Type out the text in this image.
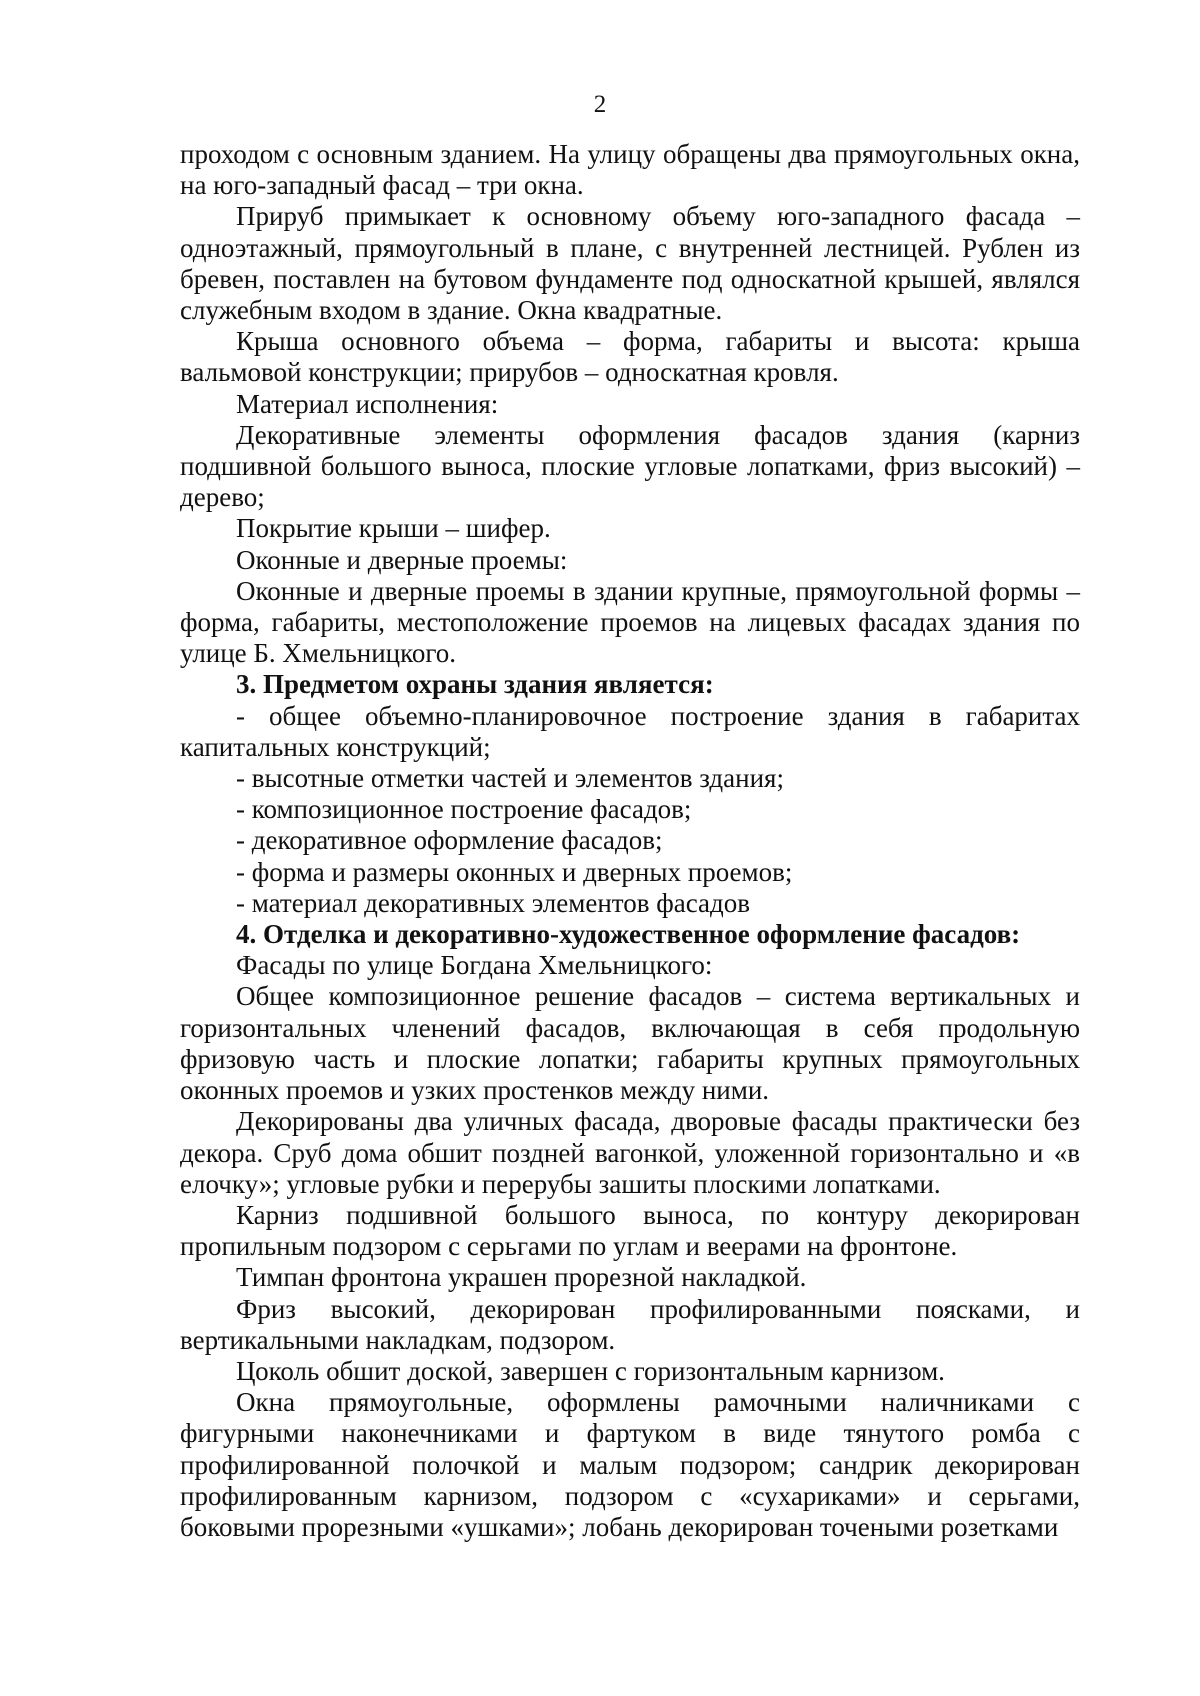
2

проходом с основным зданием. На улицу обращены два прямоугольных окна, на юго-западный фасад – три окна.

Прируб примыкает к основному объему юго-западного фасада – одноэтажный, прямоугольный в плане, с внутренней лестницей. Рублен из бревен, поставлен на бутовом фундаменте под односкатной крышей, являлся служебным входом в здание. Окна квадратные.

Крыша основного объема – форма, габариты и высота: крыша вальмовой конструкции; прирубов – односкатная кровля.

Материал исполнения:

Декоративные элементы оформления фасадов здания (карниз подшивной большого выноса, плоские угловые лопатками, фриз высокий) – дерево;

Покрытие крыши – шифер.

Оконные и дверные проемы:

Оконные и дверные проемы в здании крупные, прямоугольной формы – форма, габариты, местоположение проемов на лицевых фасадах здания по улице Б. Хмельницкого.

3. Предметом охраны здания является:

- общее объемно-планировочное построение здания в габаритах капитальных конструкций;

- высотные отметки частей и элементов здания;

- композиционное построение фасадов;

- декоративное оформление фасадов;

- форма и размеры оконных и дверных проемов;

- материал декоративных элементов фасадов

4. Отделка и декоративно-художественное оформление фасадов:

Фасады по улице Богдана Хмельницкого:

Общее композиционное решение фасадов – система вертикальных и горизонтальных членений фасадов, включающая в себя продольную фризовую часть и плоские лопатки; габариты крупных прямоугольных оконных проемов и узких простенков между ними.

Декорированы два уличных фасада, дворовые фасады практически без декора. Сруб дома обшит поздней вагонкой, уложенной горизонтально и «в елочку»; угловые рубки и перерубы зашиты плоскими лопатками.

Карниз подшивной большого выноса, по контуру декорирован пропильным подзором с серьгами по углам и веерами на фронтоне.

Тимпан фронтона украшен прорезной накладкой.

Фриз высокий, декорирован профилированными поясками, и вертикальными накладкам, подзором.

Цоколь обшит доской, завершен с горизонтальным карнизом.

Окна прямоугольные, оформлены рамочными наличниками с фигурными наконечниками и фартуком в виде тянутого ромба с профилированной полочкой и малым подзором; сандрик декорирован профилированным карнизом, подзором с «сухариками» и серьгами, боковыми прорезными «ушками»; лобань декорирован точеными розетками
